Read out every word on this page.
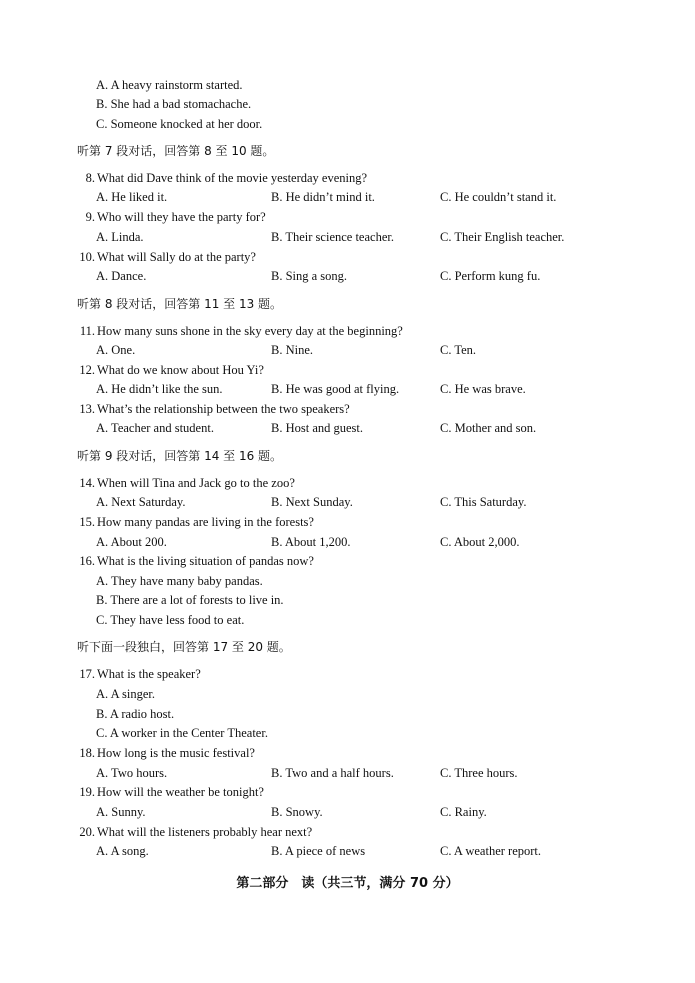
A. A heavy rainstorm started.
B. She had a bad stomachache.
C. Someone knocked at her door.
听第 7 段对话，回答第 8 至 10 题。
8. What did Dave think of the movie yesterday evening?
A. He liked it.	B. He didn’t mind it.	C. He couldn’t stand it.
9. Who will they have the party for?
A. Linda.	B. Their science teacher.	C. Their English teacher.
10. What will Sally do at the party?
A. Dance.	B. Sing a song.	C. Perform kung fu.
听第 8 段对话，回答第 11 至 13 题。
11. How many suns shone in the sky every day at the beginning?
A. One.	B. Nine.	C. Ten.
12. What do we know about Hou Yi?
A. He didn’t like the sun.	B. He was good at flying.	C. He was brave.
13. What’s the relationship between the two speakers?
A. Teacher and student.	B. Host and guest.	C. Mother and son.
听第 9 段对话，回答第 14 至 16 题。
14. When will Tina and Jack go to the zoo?
A. Next Saturday.	B. Next Sunday.	C. This Saturday.
15. How many pandas are living in the forests?
A. About 200.	B. About 1,200.	C. About 2,000.
16. What is the living situation of pandas now?
A. They have many baby pandas.
B. There are a lot of forests to live in.
C. They have less food to eat.
听下面一段独白，回答第 17 至 20 题。
17. What is the speaker?
A. A singer.
B. A radio host.
C. A worker in the Center Theater.
18. How long is the music festival?
A. Two hours.	B. Two and a half hours.	C. Three hours.
19. How will the weather be tonight?
A. Sunny.	B. Snowy.	C. Rainy.
20. What will the listeners probably hear next?
A. A song.	B. A piece of news	C. A weather report.
第二部分　读（共三节，满分 70 分）
